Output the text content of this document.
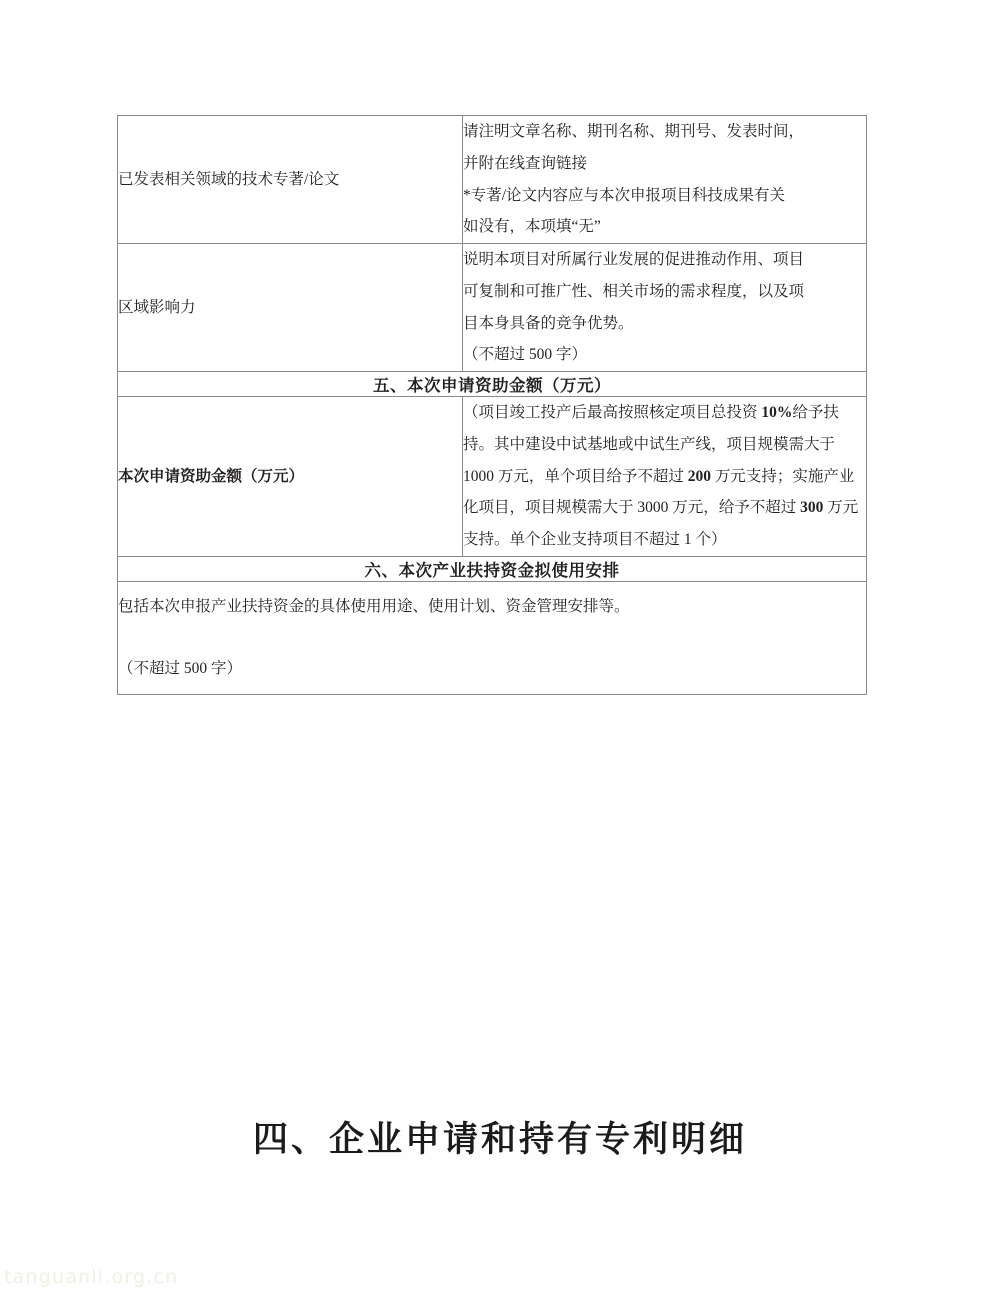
已发表相关领域的技术专著/论文	请注明文章名称、期刊名称、期刊号、发表时间，

并附在线查询链接

*专著/论文内容应与本次申报项目科技成果有关

如没有，本项填“无”

区域影响力	说明本项目对所属行业发展的促进推动作用、项目

可复制和可推广性、相关市场的需求程度，以及项

目本身具备的竞争优势。

（不超过 500 字）

五、本次申请资助金额（万元）	
本次申请资助金额（万元）	（项目竣工投产后最高按照核定项目总投资 10%给予扶持。其中建设中试基地或中试生产线，项目规模需大于 1000 万元，单个项目给予不超过 200 万元支持；实施产业化项目，项目规模需大于 3000 万元，给予不超过 300 万元支持。单个企业支持项目不超过 1 个）
六、本次产业扶持资金拟使用安排	

包括本次申报产业扶持资金的具体使用用途、使用计划、资金管理安排等。

（不超过 500 字）	

四、企业申请和持有专利明细
tanguanli.org.cn
